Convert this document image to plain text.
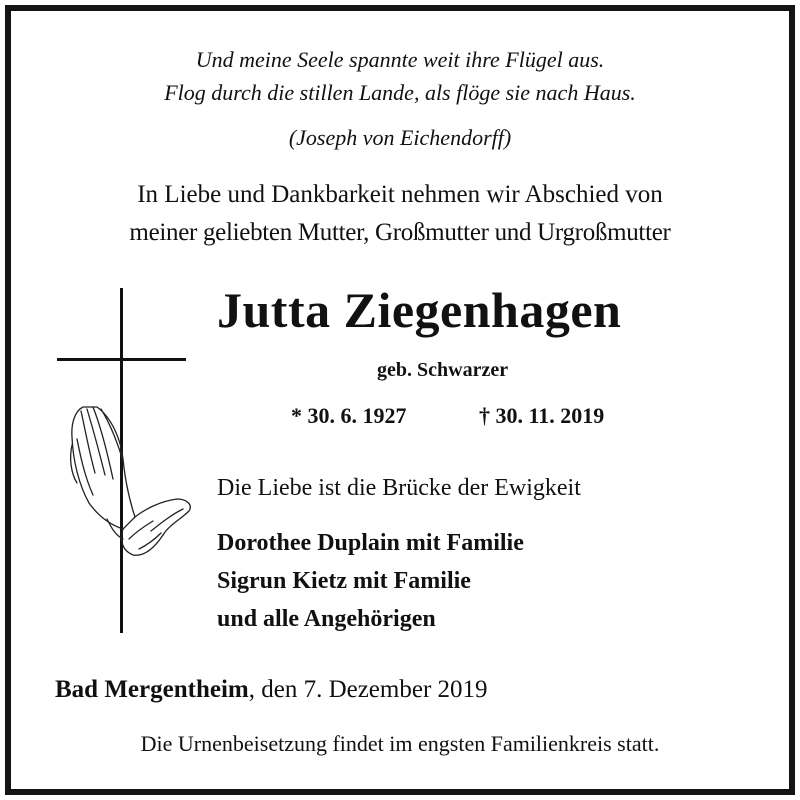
Und meine Seele spannte weit ihre Flügel aus.
Flog durch die stillen Lande, als flöge sie nach Haus.
(Joseph von Eichendorff)
In Liebe und Dankbarkeit nehmen wir Abschied von
meiner geliebten Mutter, Großmutter und Urgroßmutter
Jutta Ziegenhagen
geb. Schwarzer
* 30. 6. 1927	† 30. 11. 2019
Die Liebe ist die Brücke der Ewigkeit
Dorothee Duplain mit Familie
Sigrun Kietz mit Familie
und alle Angehörigen
Bad Mergentheim, den 7. Dezember 2019
Die Urnenbeisetzung findet im engsten Familienkreis statt.
